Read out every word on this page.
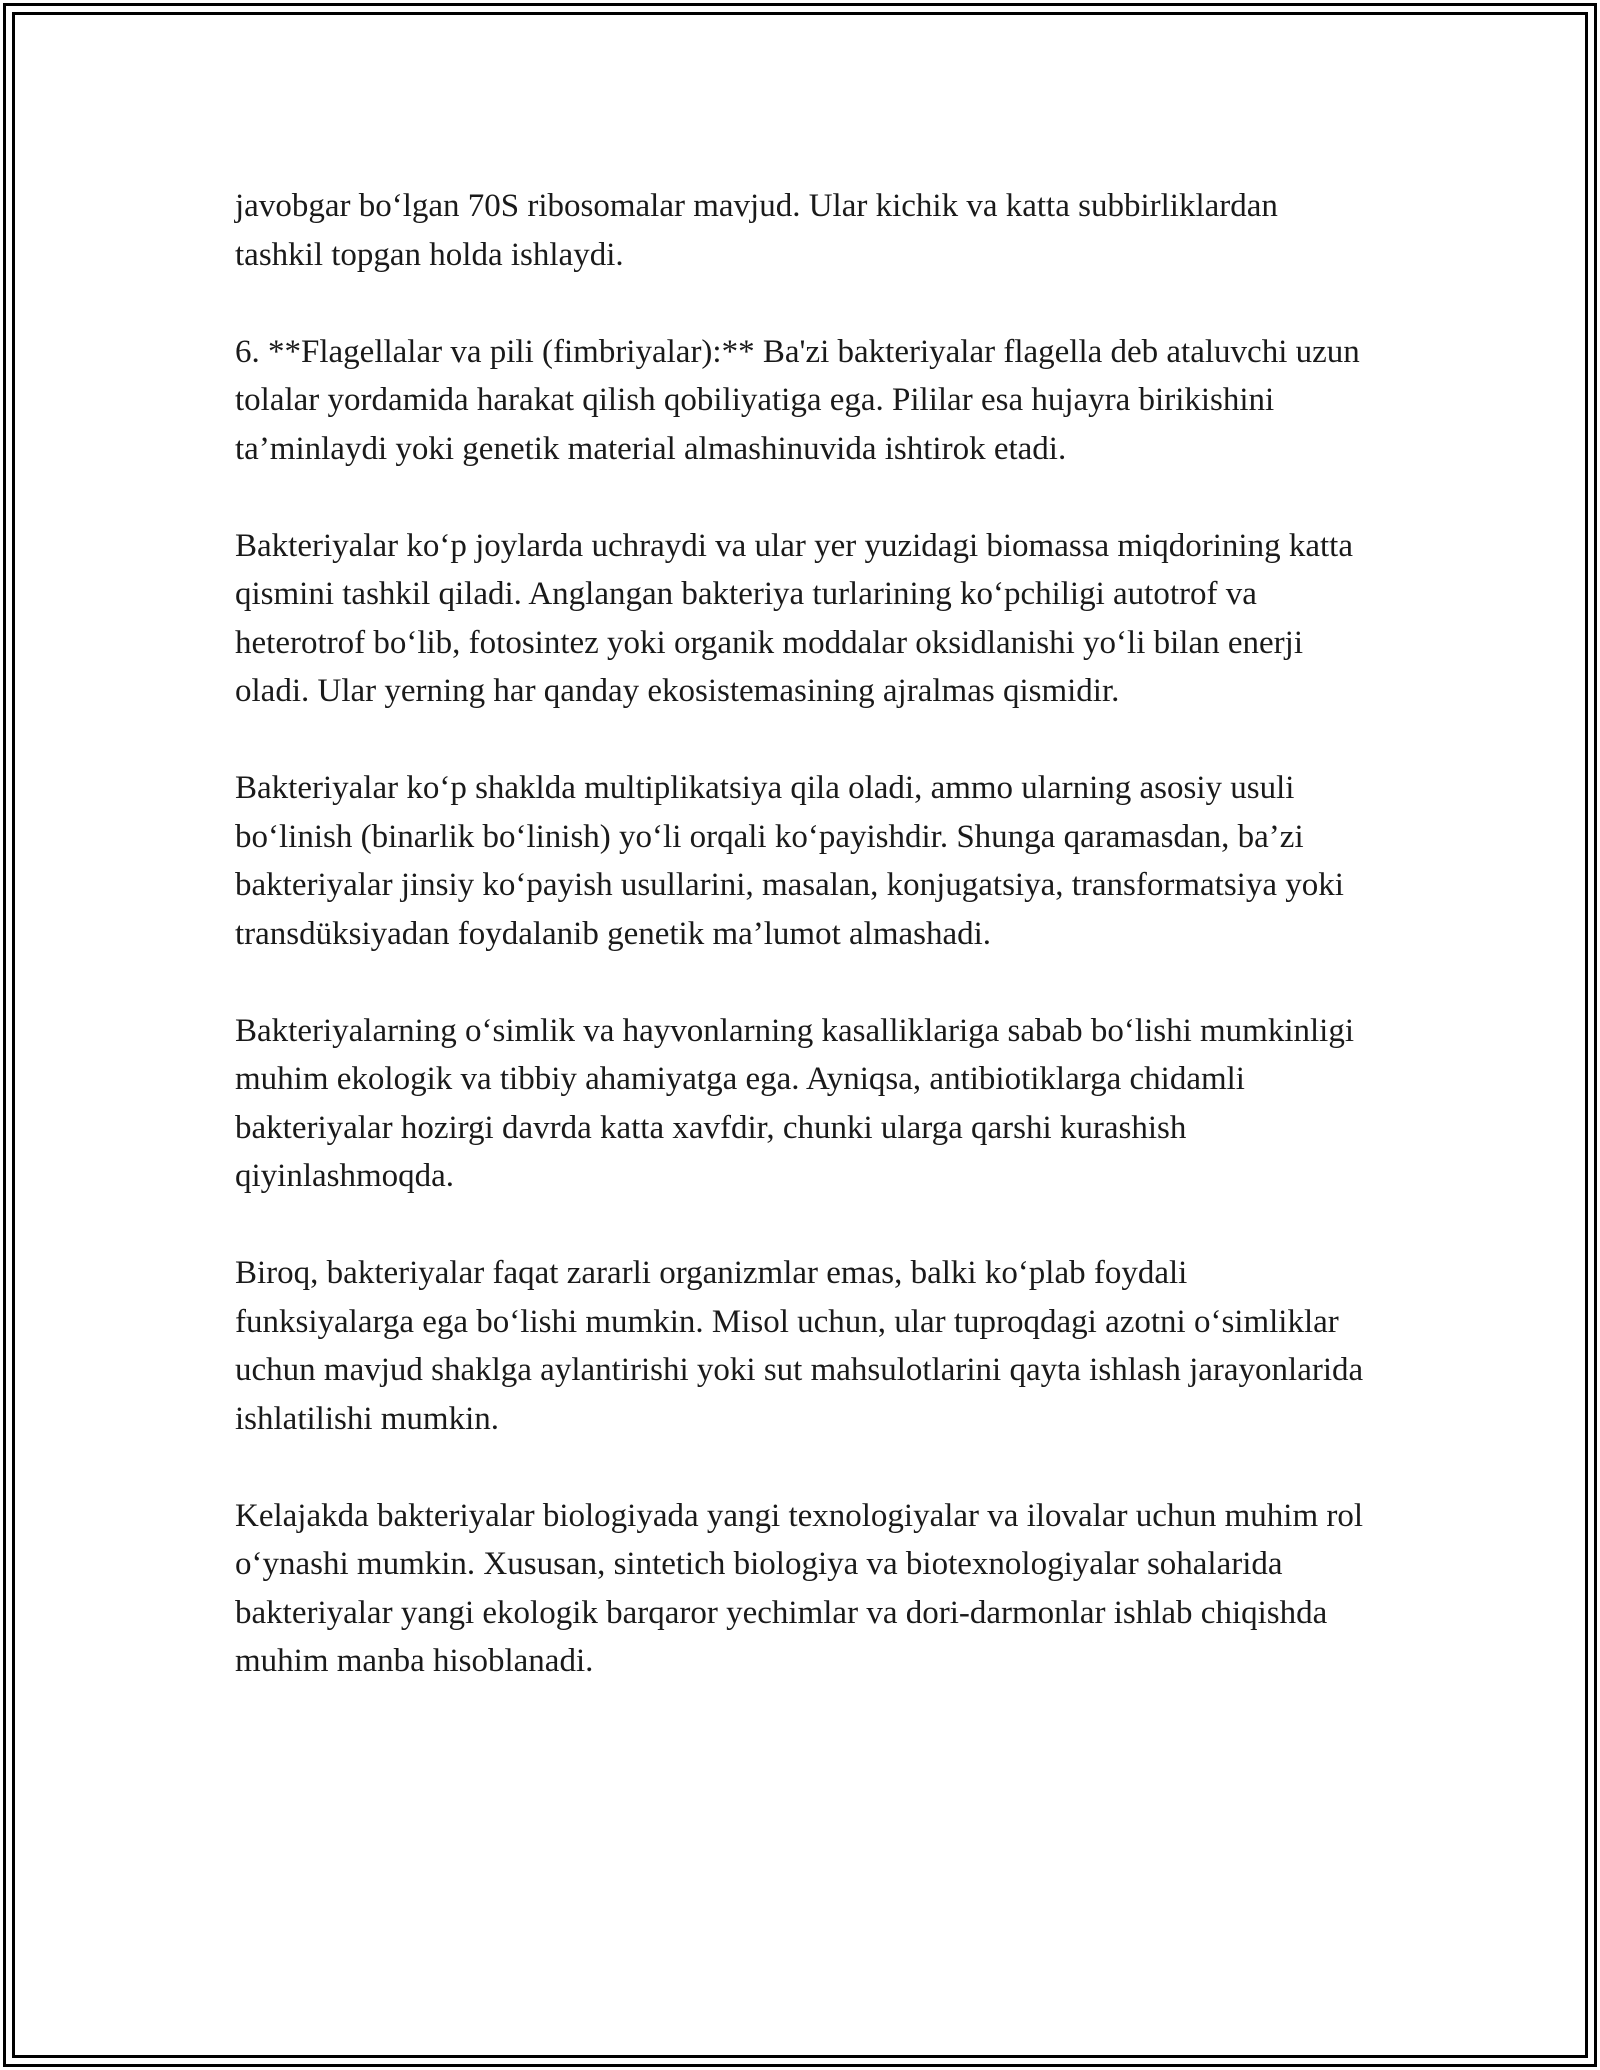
javobgar bo‘lgan 70S ribosomalar mavjud. Ular kichik va katta subbirliklardan tashkil topgan holda ishlaydi.

6. **Flagellalar va pili (fimbriyalar):** Ba'zi bakteriyalar flagella deb ataluvchi uzun tolalar yordamida harakat qilish qobiliyatiga ega. Pililar esa hujayra birikishini ta’minlaydi yoki genetik material almashinuvida ishtirok etadi.

Bakteriyalar ko‘p joylarda uchraydi va ular yer yuzidagi biomassa miqdorining katta qismini tashkil qiladi. Anglangan bakteriya turlarining ko‘pchiligi autotrof va heterotrof bo‘lib, fotosintez yoki organik moddalar oksidlanishi yo‘li bilan enerji oladi. Ular yerning har qanday ekosistemasining ajralmas qismidir.

Bakteriyalar ko‘p shaklda multiplikatsiya qila oladi, ammo ularning asosiy usuli bo‘linish (binarlik bo‘linish) yo‘li orqali ko‘payishdir. Shunga qaramasdan, ba’zi bakteriyalar jinsiy ko‘payish usullarini, masalan, konjugatsiya, transformatsiya yoki transdüksiyadan foydalanib genetik ma’lumot almashadi.

Bakteriyalarning o‘simlik va hayvonlarning kasalliklariga sabab bo‘lishi mumkinligi muhim ekologik va tibbiy ahamiyatga ega. Ayniqsa, antibiotiklarga chidamli bakteriyalar hozirgi davrda katta xavfdir, chunki ularga qarshi kurashish qiyinlashmoqda.

Biroq, bakteriyalar faqat zararli organizmlar emas, balki ko‘plab foydali funksiyalarga ega bo‘lishi mumkin. Misol uchun, ular tuproqdagi azotni o‘simliklar uchun mavjud shaklga aylantirishi yoki sut mahsulotlarini qayta ishlash jarayonlarida ishlatilishi mumkin.

Kelajakda bakteriyalar biologiyada yangi texnologiyalar va ilovalar uchun muhim rol o‘ynashi mumkin. Xususan, sintetich biologiya va biotexnologiyalar sohalarida bakteriyalar yangi ekologik barqaror yechimlar va dori-darmonlar ishlab chiqishda muhim manba hisoblanadi.
